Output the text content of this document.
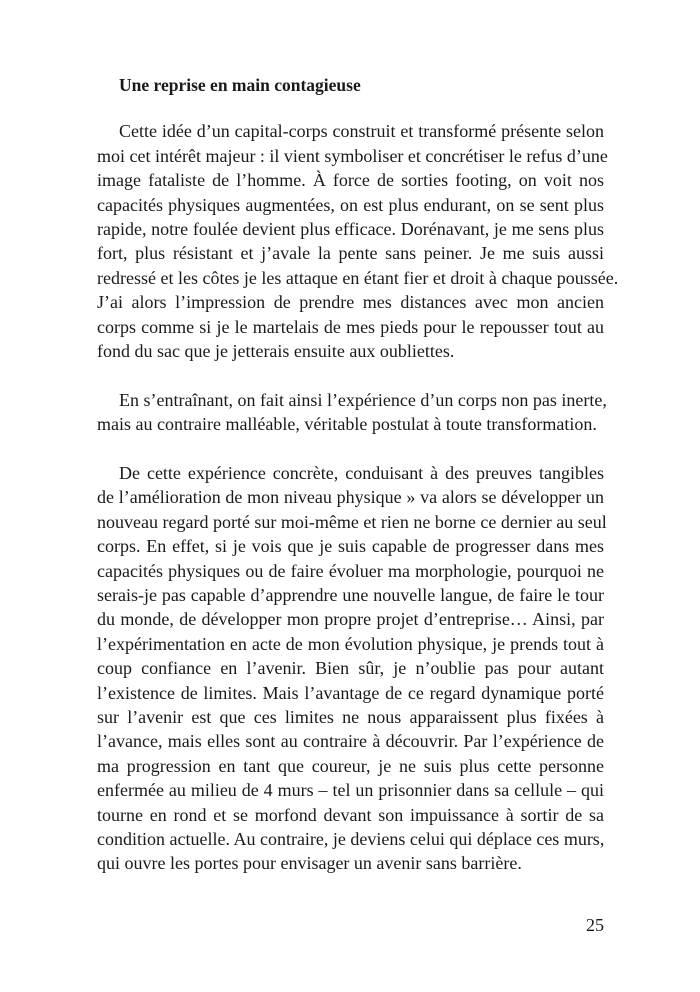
Une reprise en main contagieuse
Cette idée d’un capital-corps construit et transformé présente selon
moi cet intérêt majeur : il vient symboliser et concrétiser le refus d’une
image fataliste de l’homme. À force de sorties footing, on voit nos
capacités physiques augmentées, on est plus endurant, on se sent plus
rapide, notre foulée devient plus efficace. Dorénavant, je me sens plus
fort, plus résistant et j’avale la pente sans peiner. Je me suis aussi
redressé et les côtes je les attaque en étant fier et droit à chaque poussée.
J’ai alors l’impression de prendre mes distances avec mon ancien
corps comme si je le martelais de mes pieds pour le repousser tout au
fond du sac que je jetterais ensuite aux oubliettes.
En s’entraînant, on fait ainsi l’expérience d’un corps non pas inerte,
mais au contraire malléable, véritable postulat à toute transformation.
De cette expérience concrète, conduisant à des preuves tangibles
de l’amélioration de mon niveau physique » va alors se développer un
nouveau regard porté sur moi-même et rien ne borne ce dernier au seul
corps. En effet, si je vois que je suis capable de progresser dans mes
capacités physiques ou de faire évoluer ma morphologie, pourquoi ne
serais-je pas capable d’apprendre une nouvelle langue, de faire le tour
du monde, de développer mon propre projet d’entreprise… Ainsi, par
l’expérimentation en acte de mon évolution physique, je prends tout à
coup confiance en l’avenir. Bien sûr, je n’oublie pas pour autant
l’existence de limites. Mais l’avantage de ce regard dynamique porté
sur l’avenir est que ces limites ne nous apparaissent plus fixées à
l’avance, mais elles sont au contraire à découvrir. Par l’expérience de
ma progression en tant que coureur, je ne suis plus cette personne
enfermée au milieu de 4 murs – tel un prisonnier dans sa cellule – qui
tourne en rond et se morfond devant son impuissance à sortir de sa
condition actuelle. Au contraire, je deviens celui qui déplace ces murs,
qui ouvre les portes pour envisager un avenir sans barrière.
25
